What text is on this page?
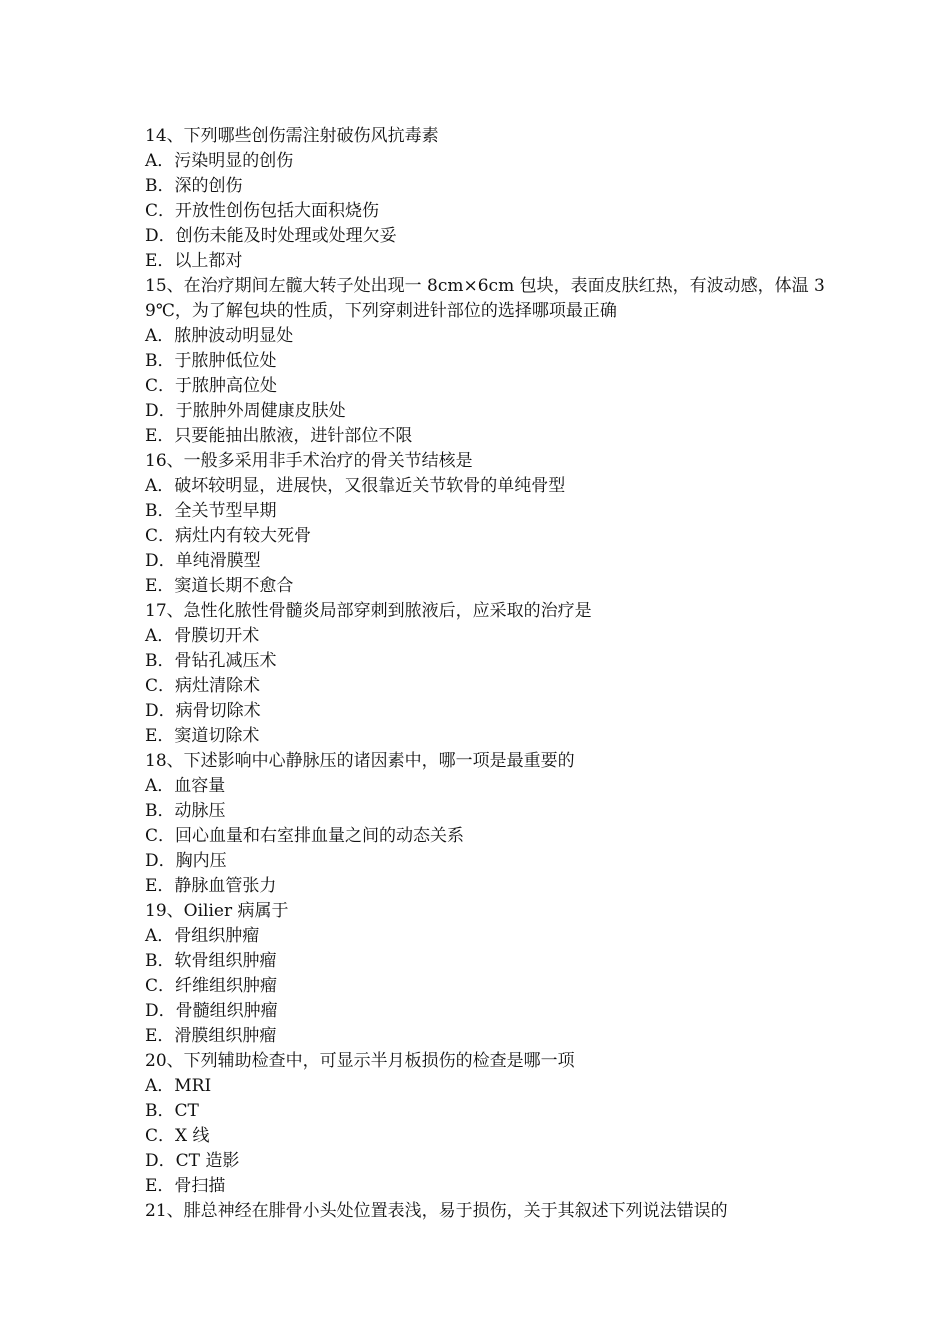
14、下列哪些创伤需注射破伤风抗毒素

A．污染明显的创伤

B．深的创伤

C．开放性创伤包括大面积烧伤

D．创伤未能及时处理或处理欠妥

E．以上都对

15、在治疗期间左髋大转子处出现一 8cm×6cm 包块，表面皮肤红热，有波动感，体温 39℃，为了解包块的性质，下列穿刺进针部位的选择哪项最正确

A．脓肿波动明显处

B．于脓肿低位处

C．于脓肿高位处

D．于脓肿外周健康皮肤处

E．只要能抽出脓液，进针部位不限

16、一般多采用非手术治疗的骨关节结核是

A．破坏较明显，进展快，又很靠近关节软骨的单纯骨型

B．全关节型早期

C．病灶内有较大死骨

D．单纯滑膜型

E．窦道长期不愈合

17、急性化脓性骨髓炎局部穿刺到脓液后，应采取的治疗是

A．骨膜切开术

B．骨钻孔减压术

C．病灶清除术

D．病骨切除术

E．窦道切除术

18、下述影响中心静脉压的诸因素中，哪一项是最重要的

A．血容量

B．动脉压

C．回心血量和右室排血量之间的动态关系

D．胸内压

E．静脉血管张力

19、Oilier 病属于

A．骨组织肿瘤

B．软骨组织肿瘤

C．纤维组织肿瘤

D．骨髓组织肿瘤

E．滑膜组织肿瘤

20、下列辅助检查中，可显示半月板损伤的检查是哪一项

A．MRI

B．CT

C．X 线

D．CT 造影

E．骨扫描

21、腓总神经在腓骨小头处位置表浅，易于损伤，关于其叙述下列说法错误的
